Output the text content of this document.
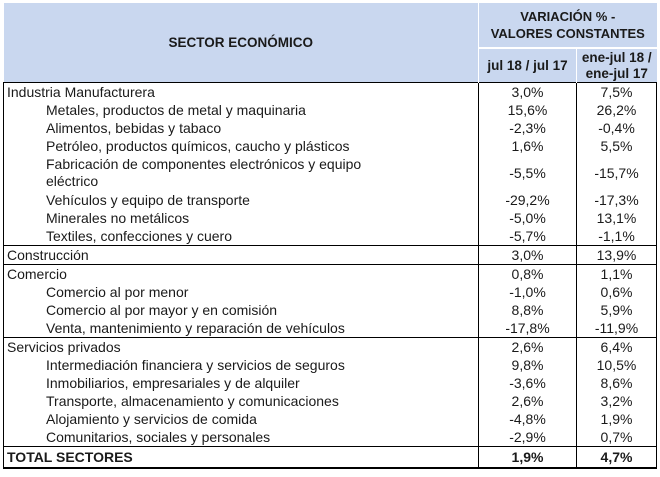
SECTOR ECONÓMICO	VARIACIÓN % -
VALORES CONSTANTES	
	jul 18 / jul 17	ene-jul 18 /
ene-jul 17
Industria Manufacturera	3,0%	7,5%
Metales, productos de metal y maquinaria	15,6%	26,2%
Alimentos, bebidas y tabaco	-2,3%	-0,4%
Petróleo, productos químicos, caucho y plásticos	1,6%	5,5%
Fabricación de componentes electrónicos y equipo eléctrico	-5,5%	-15,7%
Vehículos y equipo de transporte	-29,2%	-17,3%
Minerales no metálicos	-5,0%	13,1%
Textiles, confecciones y cuero	-5,7%	-1,1%
Construcción	3,0%	13,9%
Comercio	0,8%	1,1%
Comercio al por menor	-1,0%	0,6%
Comercio al por mayor y en comisión	8,8%	5,9%
Venta, mantenimiento y reparación de vehículos	-17,8%	-11,9%
Servicios privados	2,6%	6,4%
Intermediación financiera y servicios de seguros	9,8%	10,5%
Inmobiliarios, empresariales y de alquiler	-3,6%	8,6%
Transporte, almacenamiento y comunicaciones	2,6%	3,2%
Alojamiento y servicios de comida	-4,8%	1,9%
Comunitarios, sociales y personales	-2,9%	0,7%
TOTAL SECTORES	1,9%	4,7%
